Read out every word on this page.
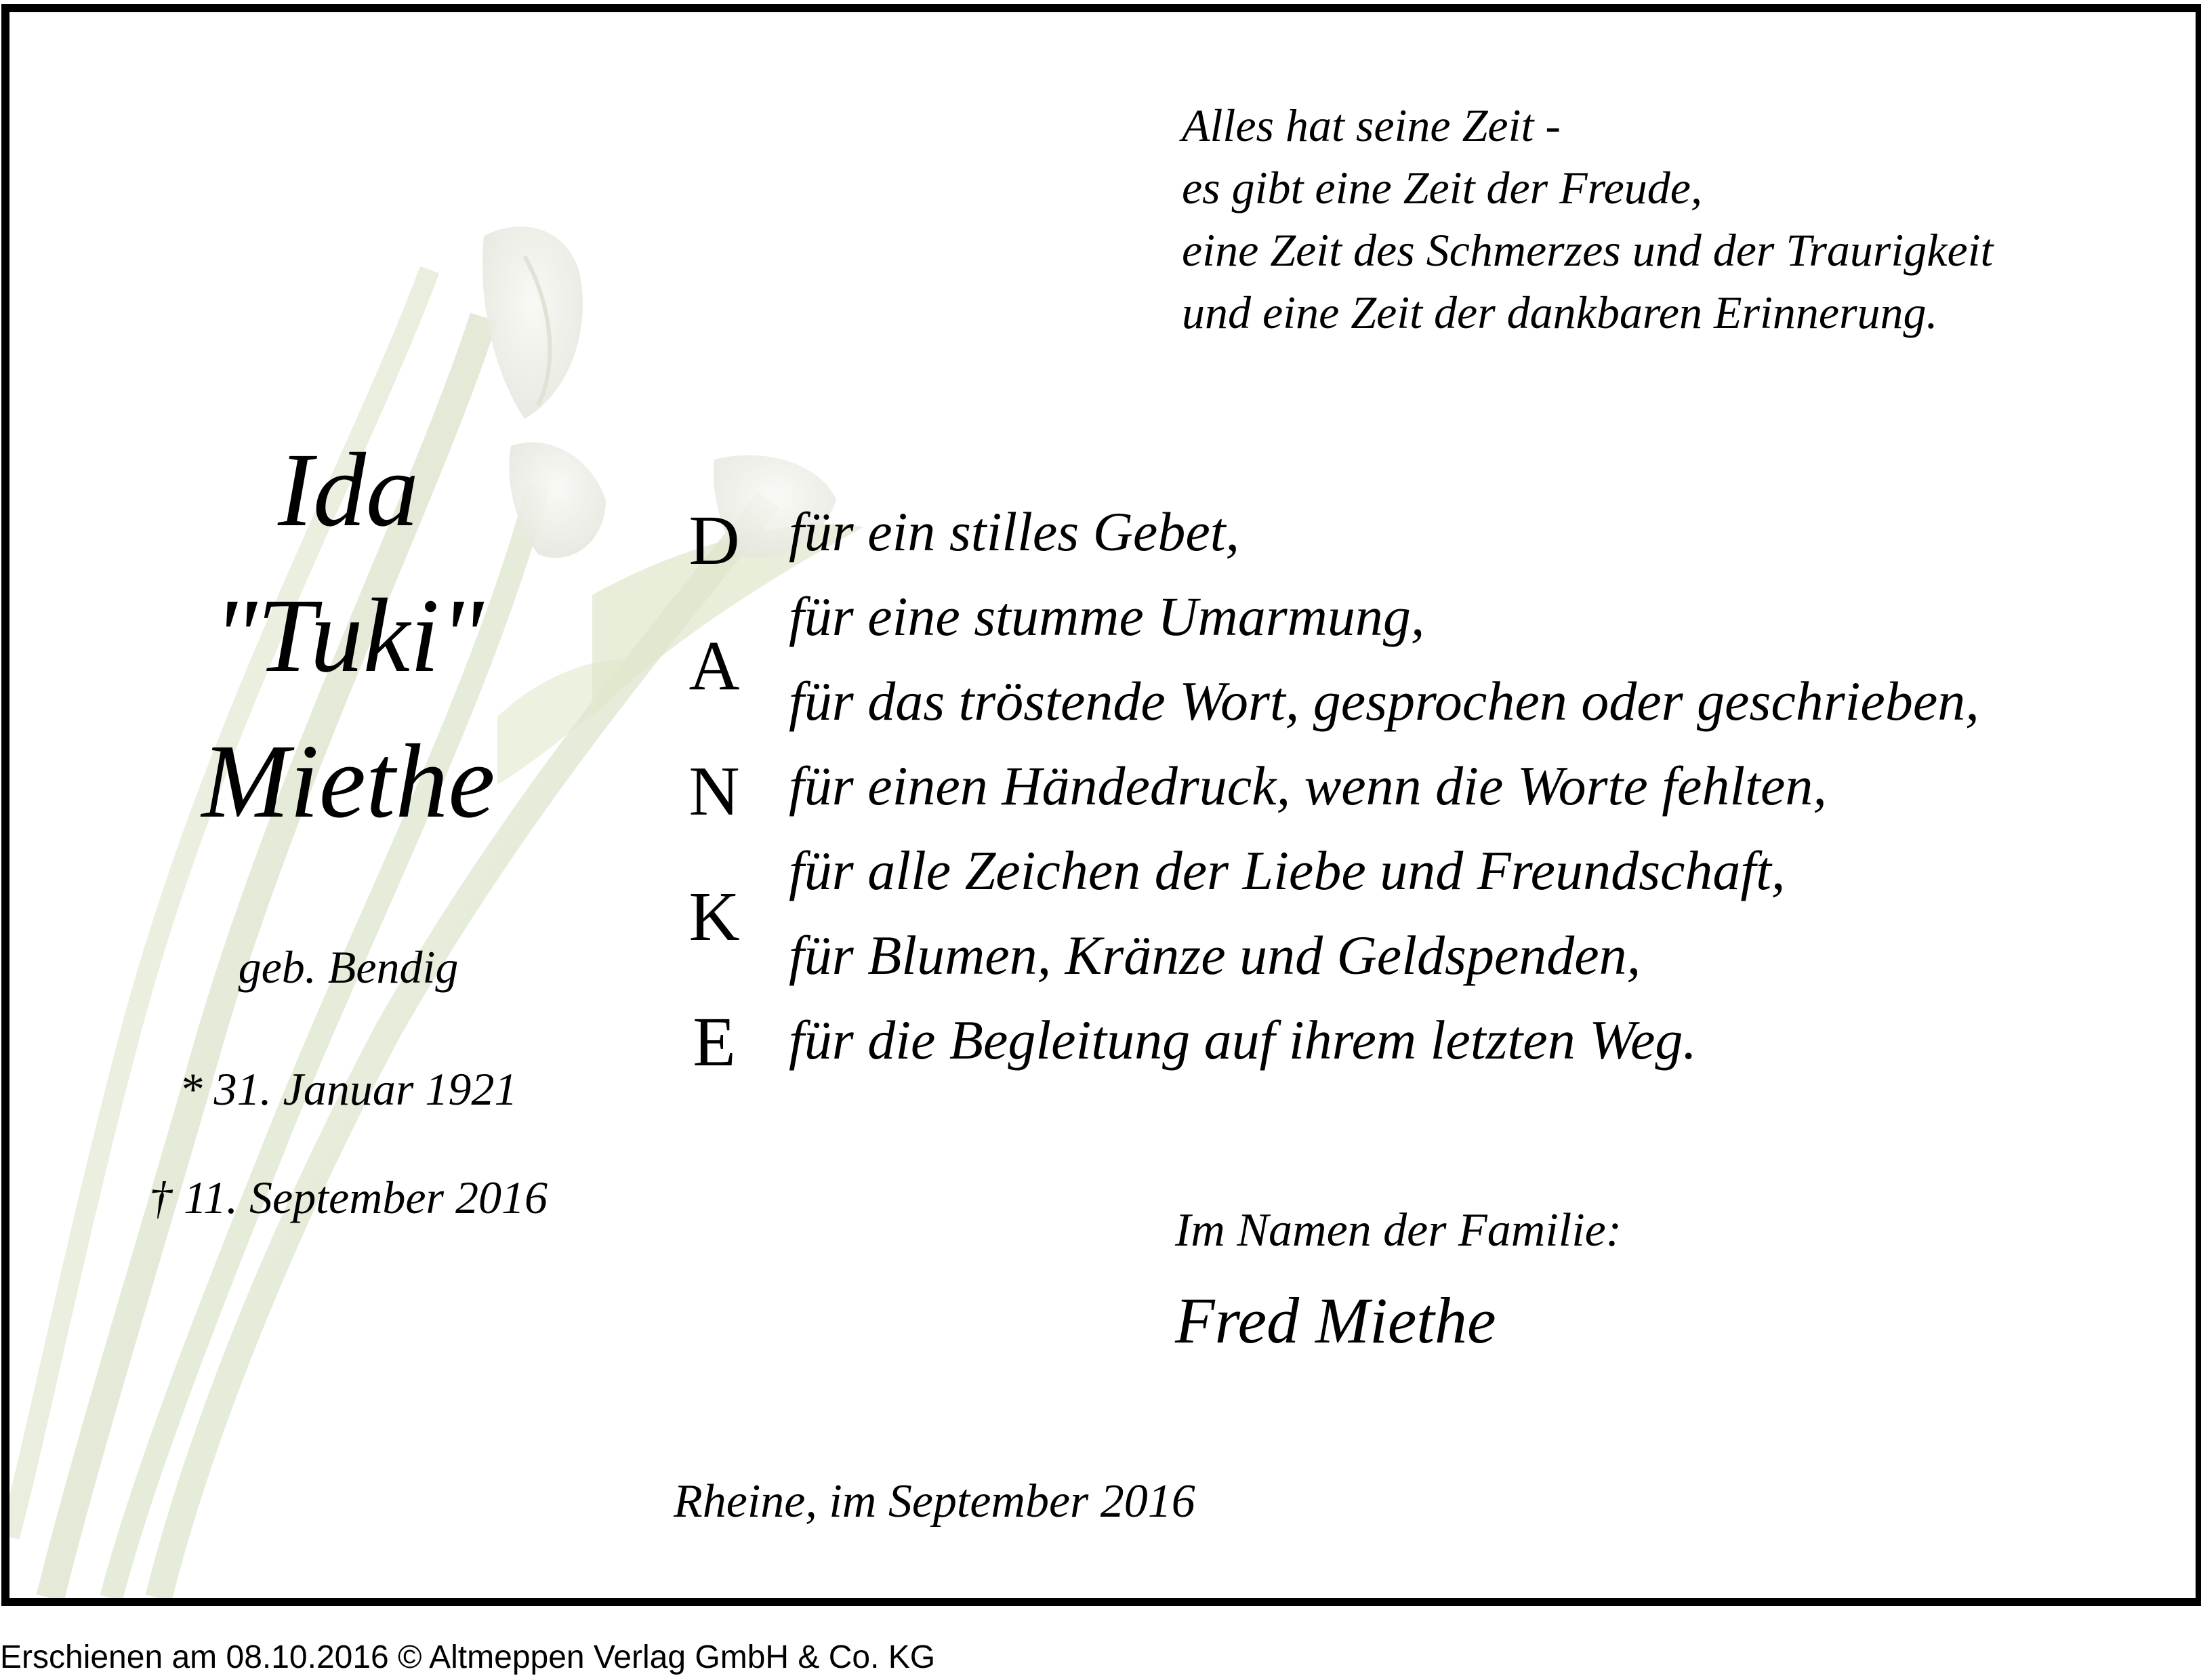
Alles hat seine Zeit -
es gibt eine Zeit der Freude,
eine Zeit des Schmerzes und der Traurigkeit
und eine Zeit der dankbaren Erinnerung.
Ida
"Tuki"
Miethe
geb. Bendig
* 31. Januar 1921
† 11. September 2016
D
A
N
K
E
für ein stilles Gebet,
für eine stumme Umarmung,
für das tröstende Wort, gesprochen oder geschrieben,
für einen Händedruck, wenn die Worte fehlten,
für alle Zeichen der Liebe und Freundschaft,
für Blumen, Kränze und Geldspenden,
für die Begleitung auf ihrem letzten Weg.
Im Namen der Familie:
Fred Miethe
Rheine, im September 2016
Erschienen am 08.10.2016 © Altmeppen Verlag GmbH & Co. KG
